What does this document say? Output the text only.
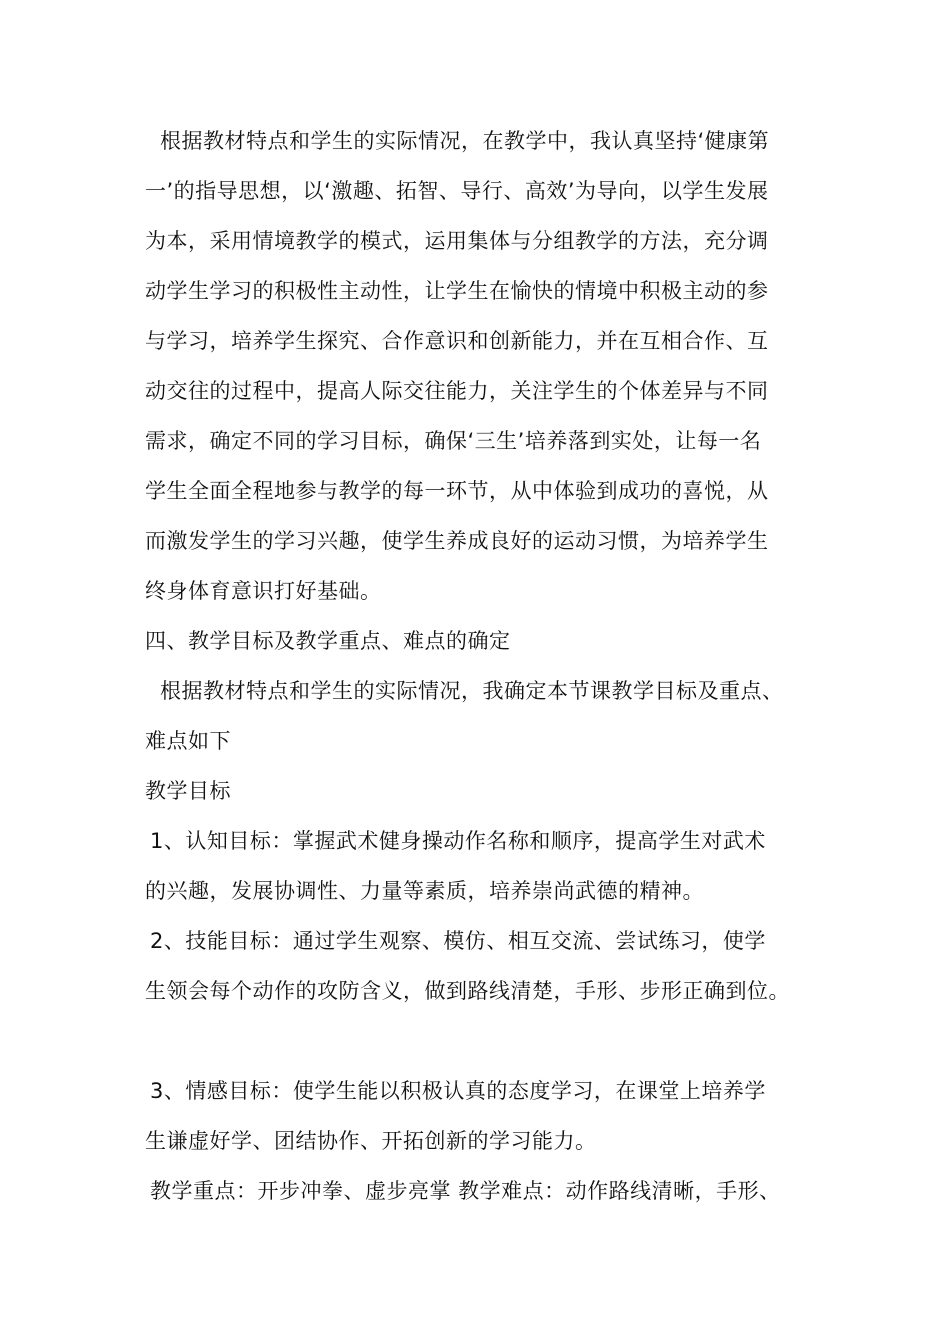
根据教材特点和学生的实际情况，在教学中，我认真坚持‘健康第
一’的指导思想，以‘激趣、拓智、导行、高效’为导向，以学生发展
为本，采用情境教学的模式，运用集体与分组教学的方法，充分调
动学生学习的积极性主动性，让学生在愉快的情境中积极主动的参
与学习，培养学生探究、合作意识和创新能力，并在互相合作、互
动交往的过程中，提高人际交往能力，关注学生的个体差异与不同
需求，确定不同的学习目标，确保‘三生’培养落到实处，让每一名
学生全面全程地参与教学的每一环节，从中体验到成功的喜悦，从
而激发学生的学习兴趣，使学生养成良好的运动习惯，为培养学生
终身体育意识打好基础。
四、教学目标及教学重点、难点的确定
根据教材特点和学生的实际情况，我确定本节课教学目标及重点、
难点如下
教学目标
1、认知目标：掌握武术健身操动作名称和顺序，提高学生对武术
的兴趣，发展协调性、力量等素质，培养崇尚武德的精神。
2、技能目标：通过学生观察、模仿、相互交流、尝试练习，使学
生领会每个动作的攻防含义，做到路线清楚，手形、步形正确到位。
3、情感目标：使学生能以积极认真的态度学习，在课堂上培养学
生谦虚好学、团结协作、开拓创新的学习能力。
教学重点：开步冲拳、虚步亮掌 教学难点：动作路线清晰，手形、
